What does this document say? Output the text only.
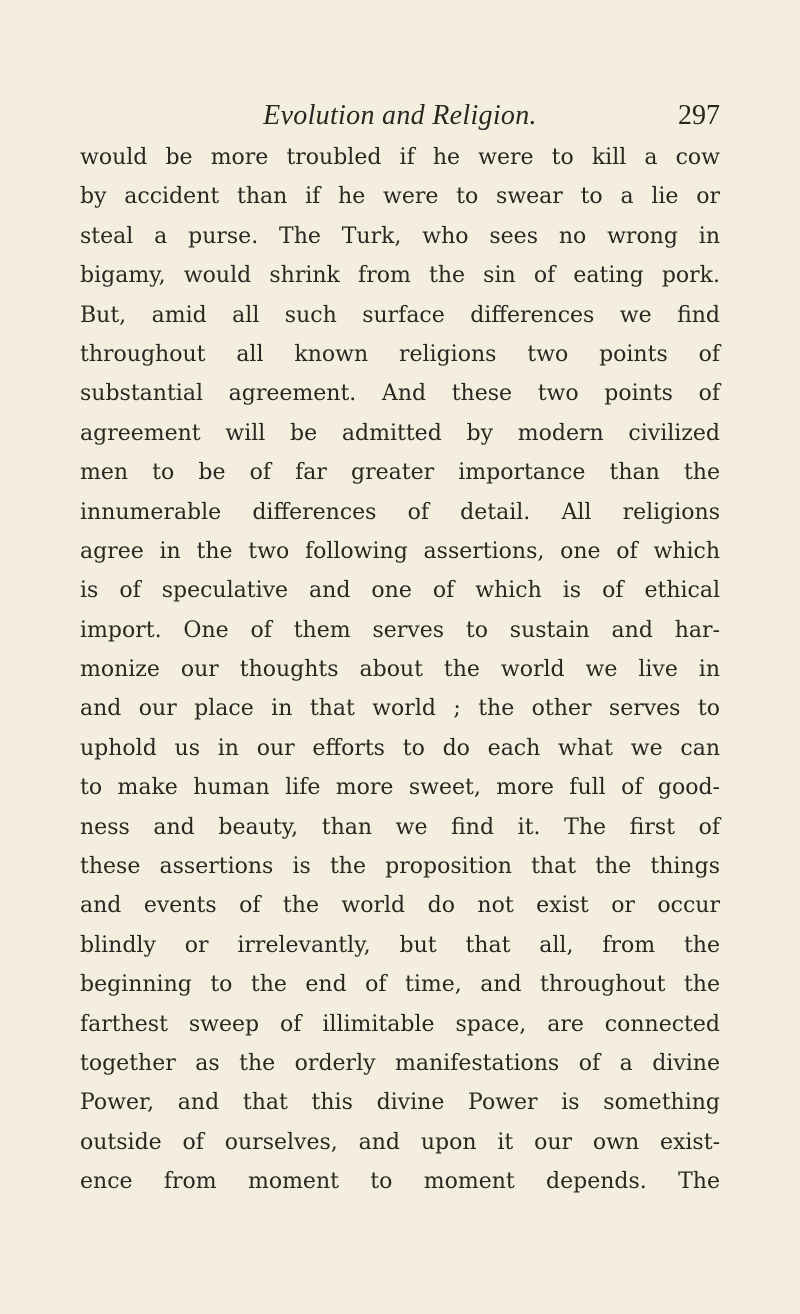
Evolution and Religion.	297
would be more troubled if he were to kill a cow
by accident than if he were to swear to a lie or
steal a purse. The Turk, who sees no wrong in
bigamy, would shrink from the sin of eating pork.
But, amid all such surface differences we find
throughout all known religions two points of
substantial agreement. And these two points of
agreement will be admitted by modern civilized
men to be of far greater importance than the
innumerable differences of detail. All religions
agree in the two following assertions, one of which
is of speculative and one of which is of ethical
import. One of them serves to sustain and har-
monize our thoughts about the world we live in
and our place in that world ; the other serves to
uphold us in our efforts to do each what we can
to make human life more sweet, more full of good-
ness and beauty, than we find it. The first of
these assertions is the proposition that the things
and events of the world do not exist or occur
blindly or irrelevantly, but that all, from the
beginning to the end of time, and throughout the
farthest sweep of illimitable space, are connected
together as the orderly manifestations of a divine
Power, and that this divine Power is something
outside of ourselves, and upon it our own exist-
ence from moment to moment depends. The
